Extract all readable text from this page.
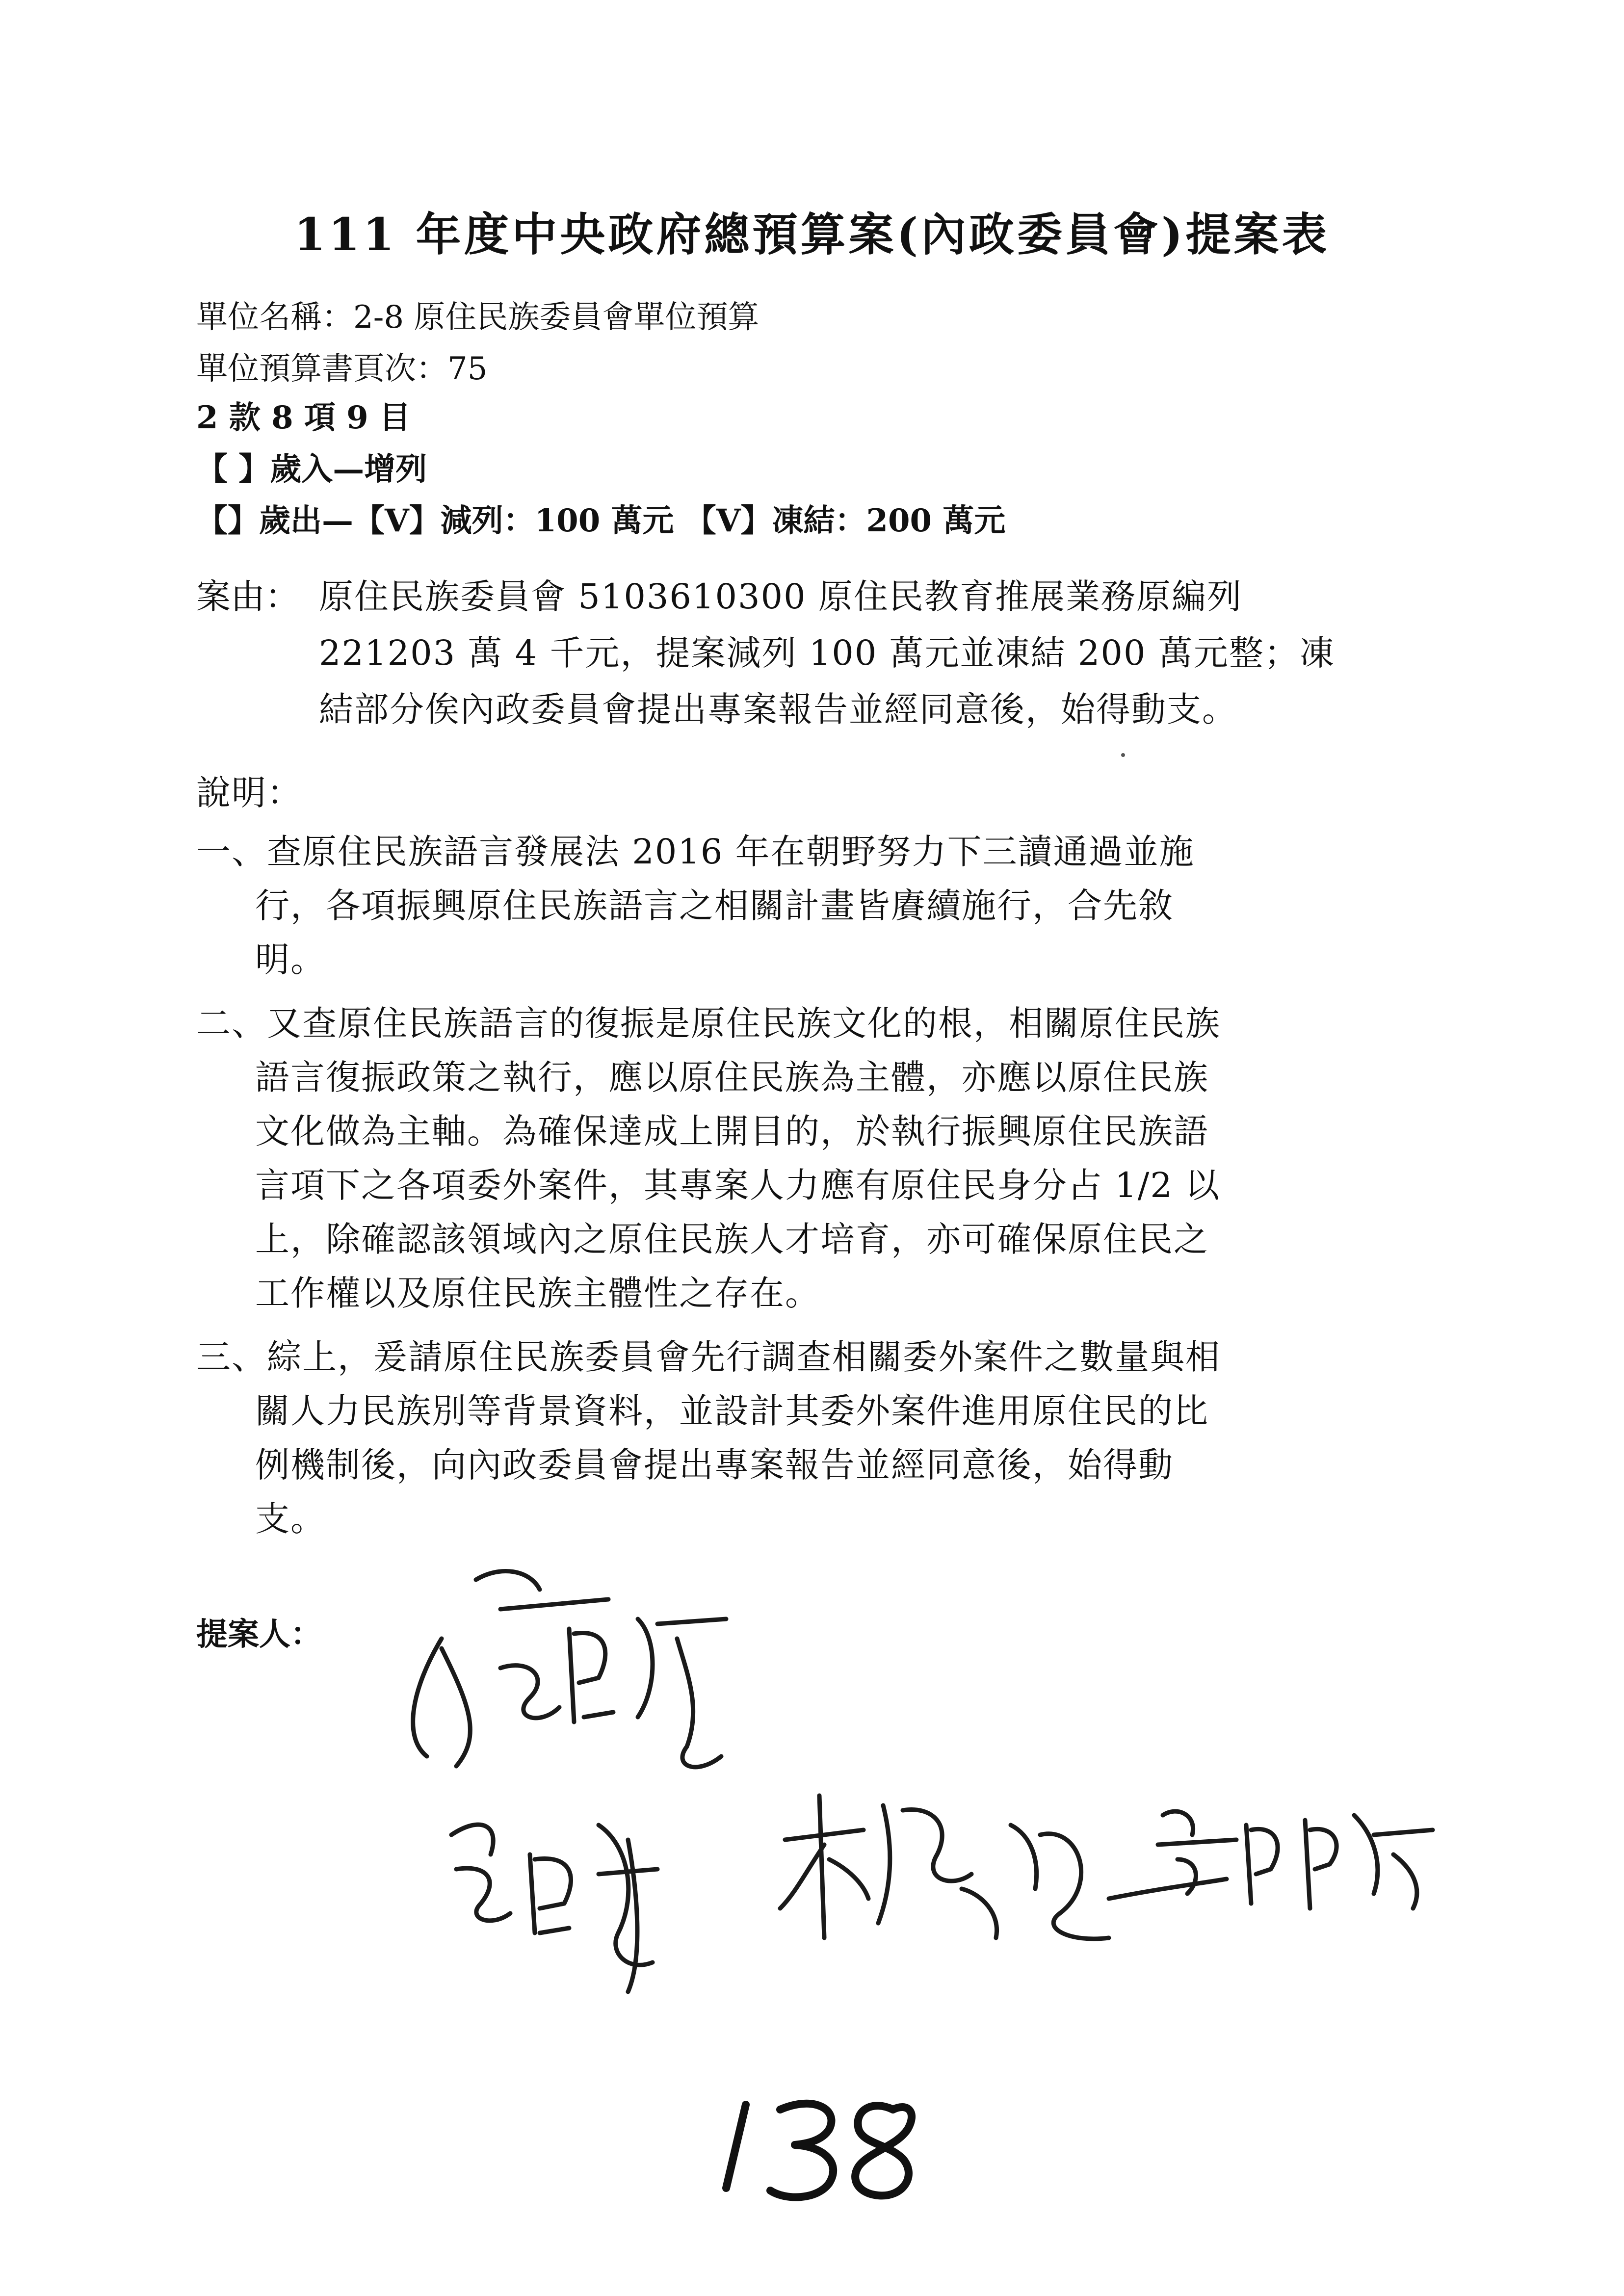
111 年度中央政府總預算案(內政委員會)提案表
單位名稱：2-8 原住民族委員會單位預算
單位預算書頁次：75
2 款 8 項 9 目
【 】歲入—增列
【】歲出—【V】減列：100 萬元 【V】凍結：200 萬元
案由： 原住民族委員會 5103610300 原住民教育推展業務原編列
221203 萬 4 千元，提案減列 100 萬元並凍結 200 萬元整；凍
結部分俟內政委員會提出專案報告並經同意後，始得動支。
說明：
一、查原住民族語言發展法 2016 年在朝野努力下三讀通過並施
行，各項振興原住民族語言之相關計畫皆賡續施行，合先敘
明。
二、又查原住民族語言的復振是原住民族文化的根，相關原住民族
語言復振政策之執行，應以原住民族為主體，亦應以原住民族
文化做為主軸。為確保達成上開目的，於執行振興原住民族語
言項下之各項委外案件，其專案人力應有原住民身分占 1/2 以
上，除確認該領域內之原住民族人才培育，亦可確保原住民之
工作權以及原住民族主體性之存在。
三、綜上，爰請原住民族委員會先行調查相關委外案件之數量與相
關人力民族別等背景資料，並設計其委外案件進用原住民的比
例機制後，向內政委員會提出專案報告並經同意後，始得動
支。
提案人：
